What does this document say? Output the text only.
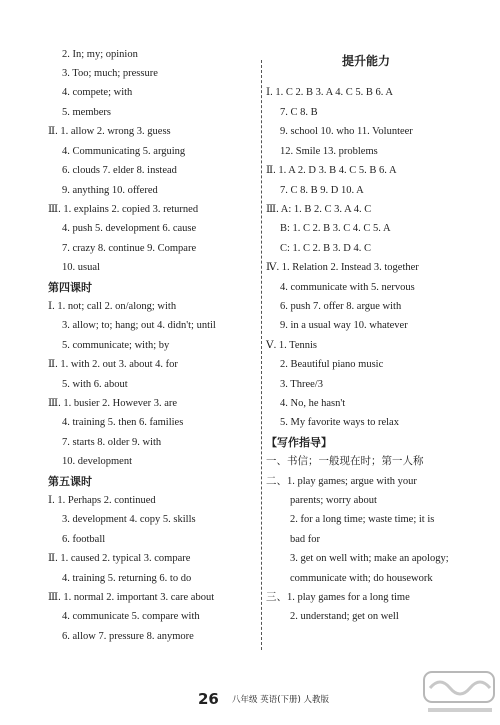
2. In; my; opinion
3. Too; much; pressure
4. compete; with
5. members
Ⅱ. 1. allow 2. wrong 3. guess
4. Communicating 5. arguing
6. clouds 7. elder 8. instead
9. anything 10. offered
Ⅲ. 1. explains 2. copied 3. returned
4. push 5. development 6. cause
7. crazy 8. continue 9. Compare
10. usual
第四课时
Ⅰ. 1. not; call 2. on/along; with
3. allow; to; hang; out 4. didn't; until
5. communicate; with; by
Ⅱ. 1. with 2. out 3. about 4. for
5. with 6. about
Ⅲ. 1. busier 2. However 3. are
4. training 5. then 6. families
7. starts 8. older 9. with
10. development
第五课时
Ⅰ. 1. Perhaps 2. continued
3. development 4. copy 5. skills
6. football
Ⅱ. 1. caused 2. typical 3. compare
4. training 5. returning 6. to do
Ⅲ. 1. normal 2. important 3. care about
4. communicate 5. compare with
6. allow 7. pressure 8. anymore
提升能力
Ⅰ. 1. C 2. B 3. A 4. C 5. B 6. A
7. C 8. B
9. school 10. who 11. Volunteer
12. Smile 13. problems
Ⅱ. 1. A 2. D 3. B 4. C 5. B 6. A
7. C 8. B 9. D 10. A
Ⅲ. A: 1. B 2. C 3. A 4. C
B: 1. C 2. B 3. C 4. C 5. A
C: 1. C 2. B 3. D 4. C
Ⅳ. 1. Relation 2. Instead 3. together
4. communicate with 5. nervous
6. push 7. offer 8. argue with
9. in a usual way 10. whatever
Ⅴ. 1. Tennis
2. Beautiful piano music
3. Three/3
4. No, he hasn't
5. My favorite ways to relax
【写作指导】
一、书信；一般现在时；第一人称
二、1. play games; argue with your
parents; worry about
2. for a long time; waste time; it is
bad for
3. get on well with; make an apology;
communicate with; do housework
三、1. play games for a long time
2. understand; get on well
26 八年级 英语(下册) 人教版
